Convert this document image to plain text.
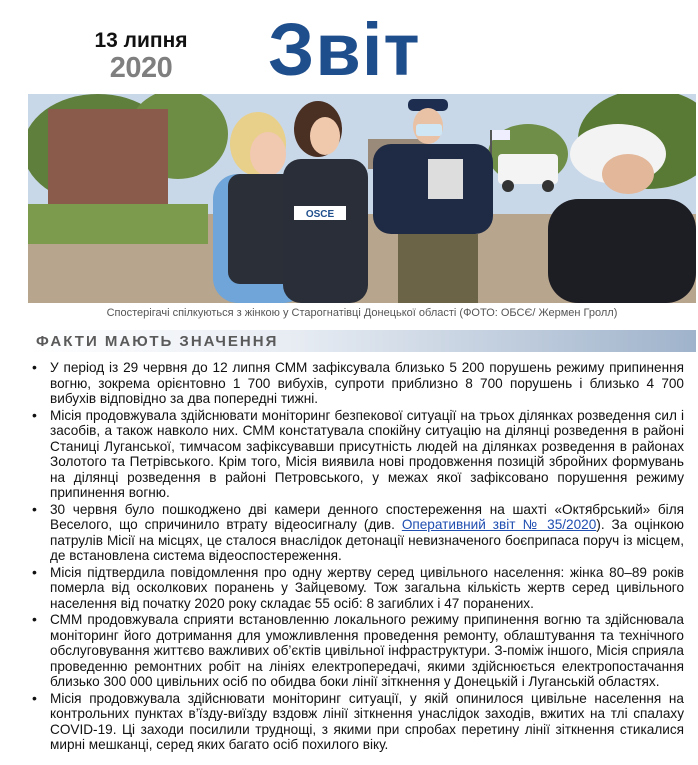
13 липня
2020	Звіт
OSCE
Спостерігачі спілкуються з жінкою у Старогнатівці Донецької області (ФОТО: ОБСЄ/ Жермен Гролл)
ФАКТИ МАЮТЬ ЗНАЧЕННЯ
• У період із 29 червня до 12 липня СММ зафіксувала близько 5 200 порушень режиму припинення вогню, зокрема орієнтовно 1 700 вибухів, супроти приблизно 8 700 порушень і близько 4 700 вибухів відповідно за два попередні тижні.
• Місія продовжувала здійснювати моніторинг безпекової ситуації на трьох ділянках розведення сил і засобів, а також навколо них. СММ констатувала спокійну ситуацію на ділянці розведення в районі Станиці Луганської, тимчасом зафіксувавши присутність людей на ділянках розведення в районах Золотого та Петрівського. Крім того, Місія виявила нові продовження позицій збройних формувань на ділянці розведення в районі Петровського, у межах якої зафіксовано порушення режиму припинення вогню.
• 30 червня було пошкоджено дві камери денного спостереження на шахті «Октябрський» біля Веселого, що спричинило втрату відеосигналу (див. Оперативний звіт № 35/2020). За оцінкою патрулів Місії на місцях, це сталося внаслідок детонації невизначеного боєприпаса поруч із місцем, де встановлена система відеоспостереження.
• Місія підтвердила повідомлення про одну жертву серед цивільного населення: жінка 80–89 років померла від осколкових поранень у Зайцевому. Тож загальна кількість жертв серед цивільного населення від початку 2020 року складає 55 осіб: 8 загиблих і 47 поранених.
• СММ продовжувала сприяти встановленню локального режиму припинення вогню та здійснювала моніторинг його дотримання для уможливлення проведення ремонту, облаштування та технічного обслуговування життєво важливих об’єктів цивільної інфраструктури. З-поміж іншого, Місія сприяла проведенню ремонтних робіт на лініях електропередачі, якими здійснюється електропостачання близько 300 000 цивільних осіб по обидва боки лінії зіткнення у Донецькій і Луганській областях.
• Місія продовжувала здійснювати моніторинг ситуації, у якій опинилося цивільне населення на контрольних пунктах в’їзду-виїзду вздовж лінії зіткнення унаслідок заходів, вжитих на тлі спалаху COVID-19. Ці заходи посилили труднощі, з якими при спробах перетину лінії зіткнення стикалися мирні мешканці, серед яких багато осіб похилого віку.
